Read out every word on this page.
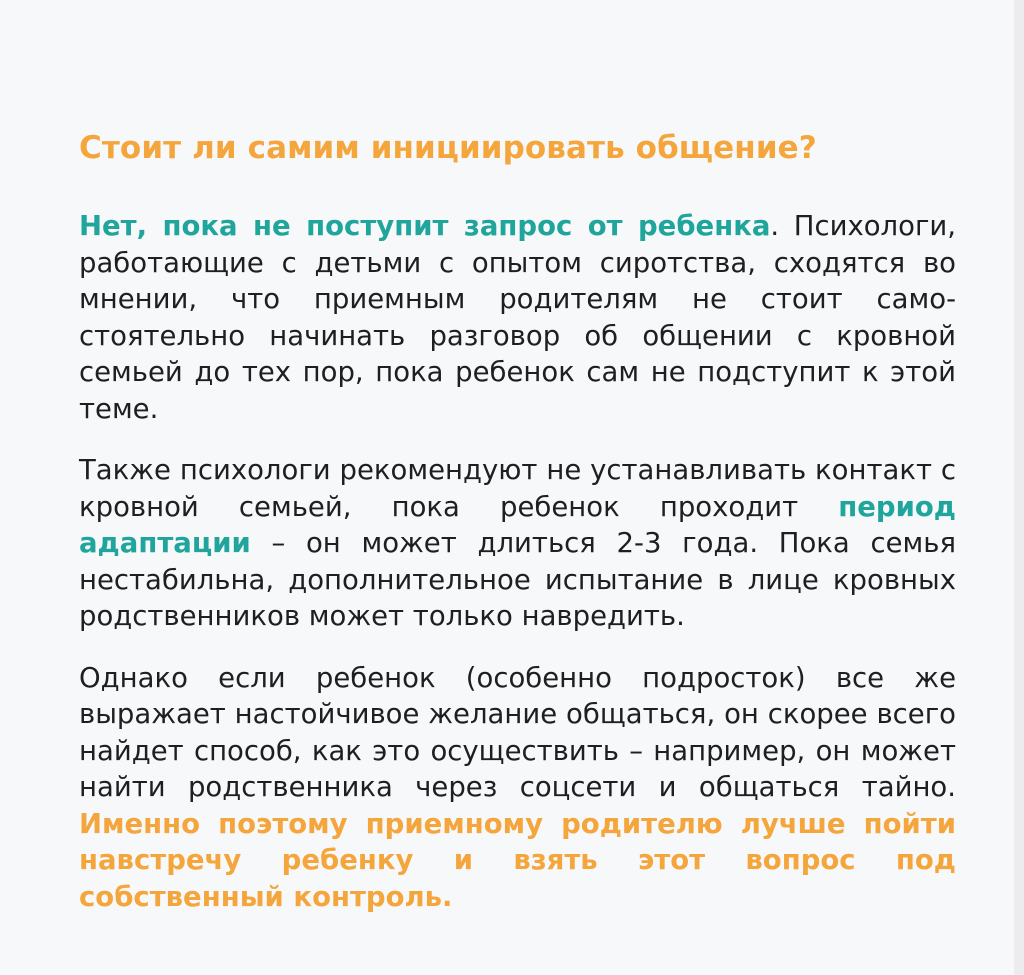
Стоит ли самим инициировать общение?

Нет, пока не поступит запрос от ребенка. Психологи, работающие с детьми с опытом сиротства, сходятся во мнении, что приемным родителям не стоит самостоятельно начинать разговор об общении с кровной семьей до тех пор, пока ребенок сам не подступит к этой теме.

Также психологи рекомендуют не устанавливать контакт с кровной семьей, пока ребенок проходит период адаптации – он может длиться 2-3 года. Пока семья нестабильна, дополнительное испытание в лице кровных родственников может только навредить.

Однако если ребенок (особенно подросток) все же выражает настойчивое желание общаться, он скорее всего найдет способ, как это осуществить – например, он может найти родственника через соцсети и общаться тайно. Именно поэтому приемному родителю лучше пойти навстречу ребенку и взять этот вопрос под собственный контроль.
